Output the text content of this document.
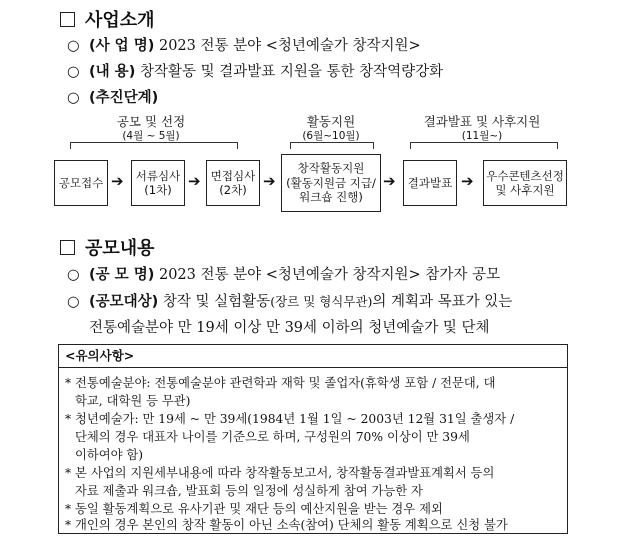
사업소개
○ (사 업 명) 2023 전통 분야 <청년예술가 창작지원>
○ (내 용) 창작활동 및 결과발표 지원을 통한 창작역량강화
○ (추진단계)
공모 및 선정
(4월 ~ 5월)
활동지원
(6월~10월)
결과발표 및 사후지원
(11월~)
공모접수 ➔ 서류심사
(1차) ➔ 면접심사
(2차) ➔
창작활동지원
(활동지원금 지급/
워크숍 진행)
➔ 결과발표 ➔ 우수콘텐츠선정
및 사후지원
공모내용
○ (공 모 명) 2023 전통 분야 <청년예술가 창작지원> 참가자 공모
○ (공모대상) 창작 및 실험활동(장르 및 형식무관)의 계획과 목표가 있는
전통예술분야 만 19세 이상 만 39세 이하의 청년예술가 및 단체
<유의사항>
* 전통예술분야: 전통예술분야 관련학과 재학 및 졸업자(휴학생 포함 / 전문대, 대
학교, 대학원 등 무관)
* 청년예술가: 만 19세 ~ 만 39세(1984년 1월 1일 ~ 2003년 12월 31일 출생자 /
단체의 경우 대표자 나이를 기준으로 하며, 구성원의 70% 이상이 만 39세
이하여야 함)
* 본 사업의 지원세부내용에 따라 창작활동보고서, 창작활동결과발표계획서 등의
자료 제출과 워크숍, 발표회 등의 일정에 성실하게 참여 가능한 자
* 동일 활동계획으로 유사기관 및 재단 등의 예산지원을 받는 경우 제외
* 개인의 경우 본인의 창작 활동이 아닌 소속(참여) 단체의 활동 계획으로 신청 불가
